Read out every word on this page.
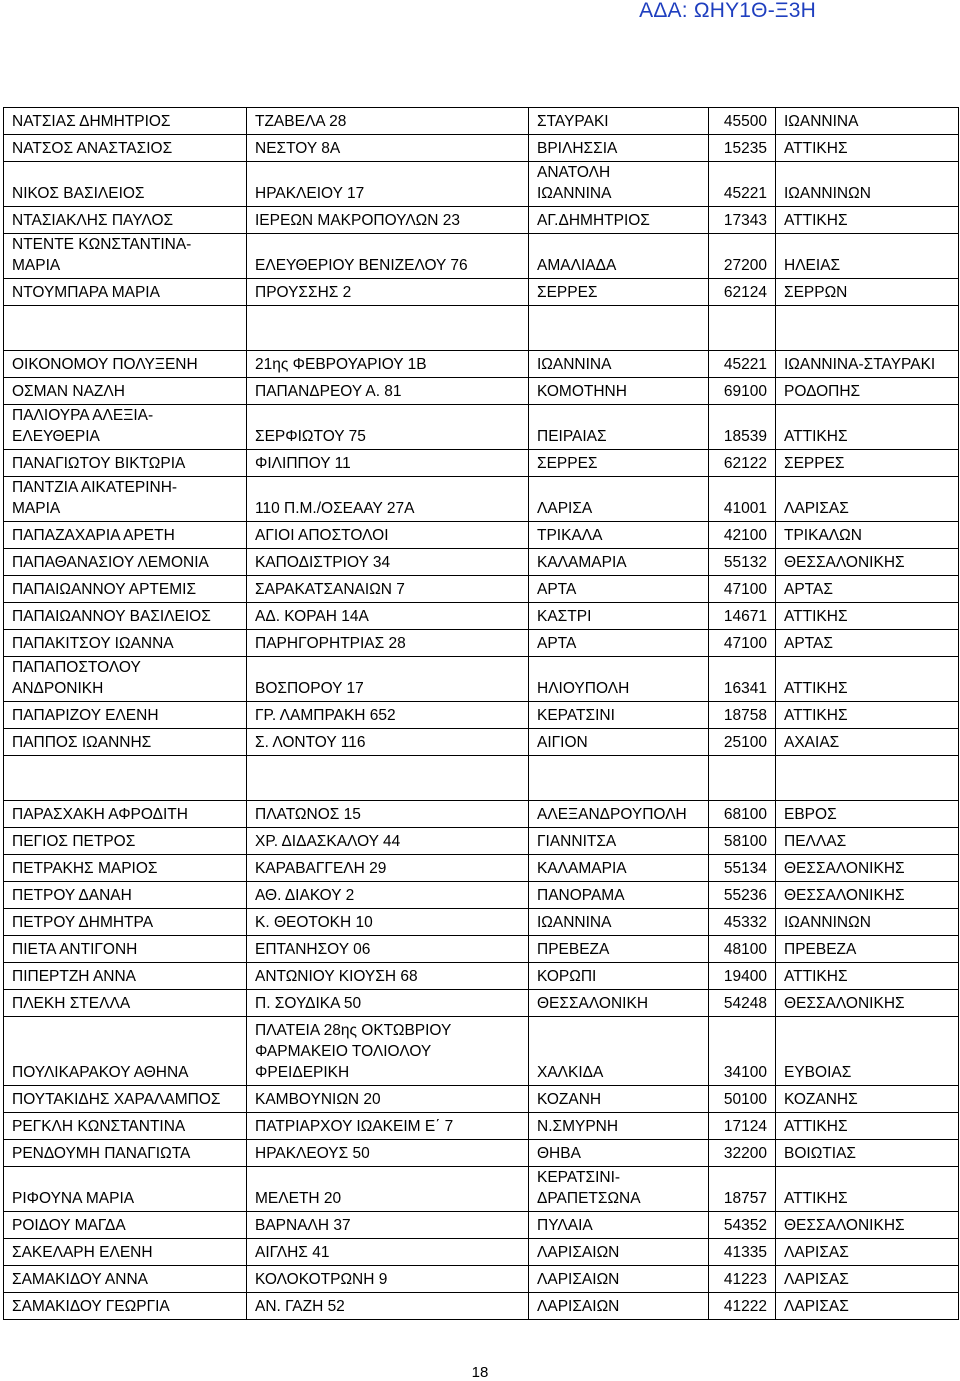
ΑΔΑ: ΩΗΥ1Θ-Ξ3Η
ΝΑΤΣΙΑΣ ΔΗΜΗΤΡΙΟΣ	ΤΖΑΒΕΛΑ 28	ΣΤΑΥΡΑΚΙ	45500	ΙΩΑΝΝΙΝΑ
ΝΑΤΣΟΣ ΑΝΑΣΤΑΣΙΟΣ	ΝΕΣΤΟΥ 8Α	ΒΡΙΛΗΣΣΙΑ	15235	ΑΤΤΙΚΗΣ
ΝΙΚΟΣ ΒΑΣΙΛΕΙΟΣ	ΗΡΑΚΛΕΙΟΥ 17	ΑΝΑΤΟΛΗ ΙΩΑΝΝΙΝΑ	45221	ΙΩΑΝΝΙΝΩΝ
ΝΤΑΣΙΑΚΛΗΣ ΠΑΥΛΟΣ	ΙΕΡΕΩΝ ΜΑΚΡΟΠΟΥΛΩΝ 23	ΑΓ.ΔΗΜΗΤΡΙΟΣ	17343	ΑΤΤΙΚΗΣ

ΝΤΕΝΤΕ ΚΩΝΣΤΑΝΤΙΝΑ-ΜΑΡΙΑ	ΕΛΕΥΘΕΡΙΟΥ ΒΕΝΙΖΕΛΟΥ 76	ΑΜΑΛΙΑΔΑ	27200	ΗΛΕΙΑΣ
ΝΤΟΥΜΠΑΡΑ ΜΑΡΙΑ	ΠΡΟΥΣΣΗΣ 2	ΣΕΡΡΕΣ	62124	ΣΕΡΡΩΝ

ΟΙΚΟΝΟΜΟΥ ΠΟΛΥΞΕΝΗ	21ης ΦΕΒΡΟΥΑΡΙΟΥ 1Β	ΙΩΑΝΝΙΝΑ	45221	ΙΩΑΝΝΙΝΑ-ΣΤΑΥΡΑΚΙ
ΟΣΜΑΝ ΝΑΖΛΗ	ΠΑΠΑΝΔΡΕΟΥ Α. 81	ΚΟΜΟΤΗΝΗ	69100	ΡΟΔΟΠΗΣ

ΠΑΛΙΟΥΡΑ ΑΛΕΞΙΑ-ΕΛΕΥΘΕΡΙΑ	ΣΕΡΦΙΩΤΟΥ 75	ΠΕΙΡΑΙΑΣ	18539	ΑΤΤΙΚΗΣ
ΠΑΝΑΓΙΩΤΟΥ ΒΙΚΤΩΡΙΑ	ΦΙΛΙΠΠΟΥ 11	ΣΕΡΡΕΣ	62122	ΣΕΡΡΕΣ

ΠΑΝΤΖΙΑ ΑΙΚΑΤΕΡΙΝΗ-ΜΑΡΙΑ	110 Π.Μ./ΟΣΕΑΑΥ 27Α	ΛΑΡΙΣΑ	41001	ΛΑΡΙΣΑΣ
ΠΑΠΑΖΑΧΑΡΙΑ ΑΡΕΤΗ	ΑΓΙΟΙ ΑΠΟΣΤΟΛΟΙ	ΤΡΙΚΑΛΑ	42100	ΤΡΙΚΑΛΩΝ
ΠΑΠΑΘΑΝΑΣΙΟΥ ΛΕΜΟΝΙΑ	ΚΑΠΟΔΙΣΤΡΙΟΥ 34	ΚΑΛΑΜΑΡΙΑ	55132	ΘΕΣΣΑΛΟΝΙΚΗΣ
ΠΑΠΑΙΩΑΝΝΟΥ ΑΡΤΕΜΙΣ	ΣΑΡΑΚΑΤΣΑΝΑΙΩΝ 7	ΑΡΤΑ	47100	ΑΡΤΑΣ
ΠΑΠΑΙΩΑΝΝΟΥ ΒΑΣΙΛΕΙΟΣ	ΑΔ. ΚΟΡΑΗ 14Α	ΚΑΣΤΡΙ	14671	ΑΤΤΙΚΗΣ
ΠΑΠΑΚΙΤΣΟΥ ΙΩΑΝΝΑ	ΠΑΡΗΓΟΡΗΤΡΙΑΣ 28	ΑΡΤΑ	47100	ΑΡΤΑΣ

ΠΑΠΑΠΟΣΤΟΛΟΥ ΑΝΔΡΟΝΙΚΗ	ΒΟΣΠΟΡΟΥ 17	ΗΛΙΟΥΠΟΛΗ	16341	ΑΤΤΙΚΗΣ
ΠΑΠΑΡΙΖΟΥ ΕΛΕΝΗ	ΓΡ. ΛΑΜΠΡΑΚΗ 652	ΚΕΡΑΤΣΙΝΙ	18758	ΑΤΤΙΚΗΣ
ΠΑΠΠΟΣ ΙΩΑΝΝΗΣ	Σ. ΛΟΝΤΟΥ 116	ΑΙΓΙΟΝ	25100	ΑΧΑΙΑΣ

ΠΑΡΑΣΧΑΚΗ ΑΦΡΟΔΙΤΗ	ΠΛΑΤΩΝΟΣ 15	ΑΛΕΞΑΝΔΡΟΥΠΟΛΗ	68100	ΕΒΡΟΣ
ΠΕΓΙΟΣ ΠΕΤΡΟΣ	ΧΡ. ΔΙΔΑΣΚΑΛΟΥ 44	ΓΙΑΝΝΙΤΣΑ	58100	ΠΕΛΛΑΣ
ΠΕΤΡΑΚΗΣ ΜΑΡΙΟΣ	ΚΑΡΑΒΑΓΓΕΛΗ 29	ΚΑΛΑΜΑΡΙΑ	55134	ΘΕΣΣΑΛΟΝΙΚΗΣ
ΠΕΤΡΟΥ ΔΑΝΑΗ	ΑΘ. ΔΙΑΚΟΥ 2	ΠΑΝΟΡΑΜΑ	55236	ΘΕΣΣΑΛΟΝΙΚΗΣ
ΠΕΤΡΟΥ ΔΗΜΗΤΡΑ	Κ. ΘΕΟΤΟΚΗ 10	ΙΩΑΝΝΙΝΑ	45332	ΙΩΑΝΝΙΝΩΝ
ΠΙΕΤΑ ΑΝΤΙΓΟΝΗ	ΕΠΤΑΝΗΣΟΥ 06	ΠΡΕΒΕΖΑ	48100	ΠΡΕΒΕΖΑ
ΠΙΠΕΡΤΖΗ ΑΝΝΑ	ΑΝΤΩΝΙΟΥ ΚΙΟΥΣΗ 68	ΚΟΡΩΠΙ	19400	ΑΤΤΙΚΗΣ
ΠΛΕΚΗ ΣΤΕΛΛΑ	Π. ΣΟΥΔΙΚΑ 50	ΘΕΣΣΑΛΟΝΙΚΗ	54248	ΘΕΣΣΑΛΟΝΙΚΗΣ
ΠΟΥΛΙΚΑΡΑΚΟΥ ΑΘΗΝΑ	ΠΛΑΤΕΙΑ 28ης ΟΚΤΩΒΡΙΟΥ ΦΑΡΜΑΚΕΙΟ ΤΟΛΙΟΛΟΥ ΦΡΕΙΔΕΡΙΚΗ	ΧΑΛΚΙΔΑ	34100	ΕΥΒΟΙΑΣ
ΠΟΥΤΑΚΙΔΗΣ ΧΑΡΑΛΑΜΠΟΣ	ΚΑΜΒΟΥΝΙΩΝ 20	ΚΟΖΑΝΗ	50100	ΚΟΖΑΝΗΣ
ΡΕΓΚΛΗ ΚΩΝΣΤΑΝΤΙΝΑ	ΠΑΤΡΙΑΡΧΟΥ ΙΩΑΚΕΙΜ Ε΄ 7	Ν.ΣΜΥΡΝΗ	17124	ΑΤΤΙΚΗΣ
ΡΕΝΔΟΥΜΗ ΠΑΝΑΓΙΩΤΑ	ΗΡΑΚΛΕΟΥΣ 50	ΘΗΒΑ	32200	ΒΟΙΩΤΙΑΣ
ΡΙΦΟΥΝΑ ΜΑΡΙΑ	ΜΕΛΕΤΗ 20	ΚΕΡΑΤΣΙΝΙ-ΔΡΑΠΕΤΣΩΝΑ	18757	ΑΤΤΙΚΗΣ
ΡΟΙΔΟΥ ΜΑΓΔΑ	ΒΑΡΝΑΛΗ 37	ΠΥΛΑΙΑ	54352	ΘΕΣΣΑΛΟΝΙΚΗΣ
ΣΑΚΕΛΑΡΗ ΕΛΕΝΗ	ΑΙΓΛΗΣ 41	ΛΑΡΙΣΑΙΩΝ	41335	ΛΑΡΙΣΑΣ
ΣΑΜΑΚΙΔΟΥ ΑΝΝΑ	ΚΟΛΟΚΟΤΡΩΝΗ 9	ΛΑΡΙΣΑΙΩΝ	41223	ΛΑΡΙΣΑΣ
ΣΑΜΑΚΙΔΟΥ ΓΕΩΡΓΙΑ	ΑΝ. ΓΑΖΗ 52	ΛΑΡΙΣΑΙΩΝ	41222	ΛΑΡΙΣΑΣ
18
